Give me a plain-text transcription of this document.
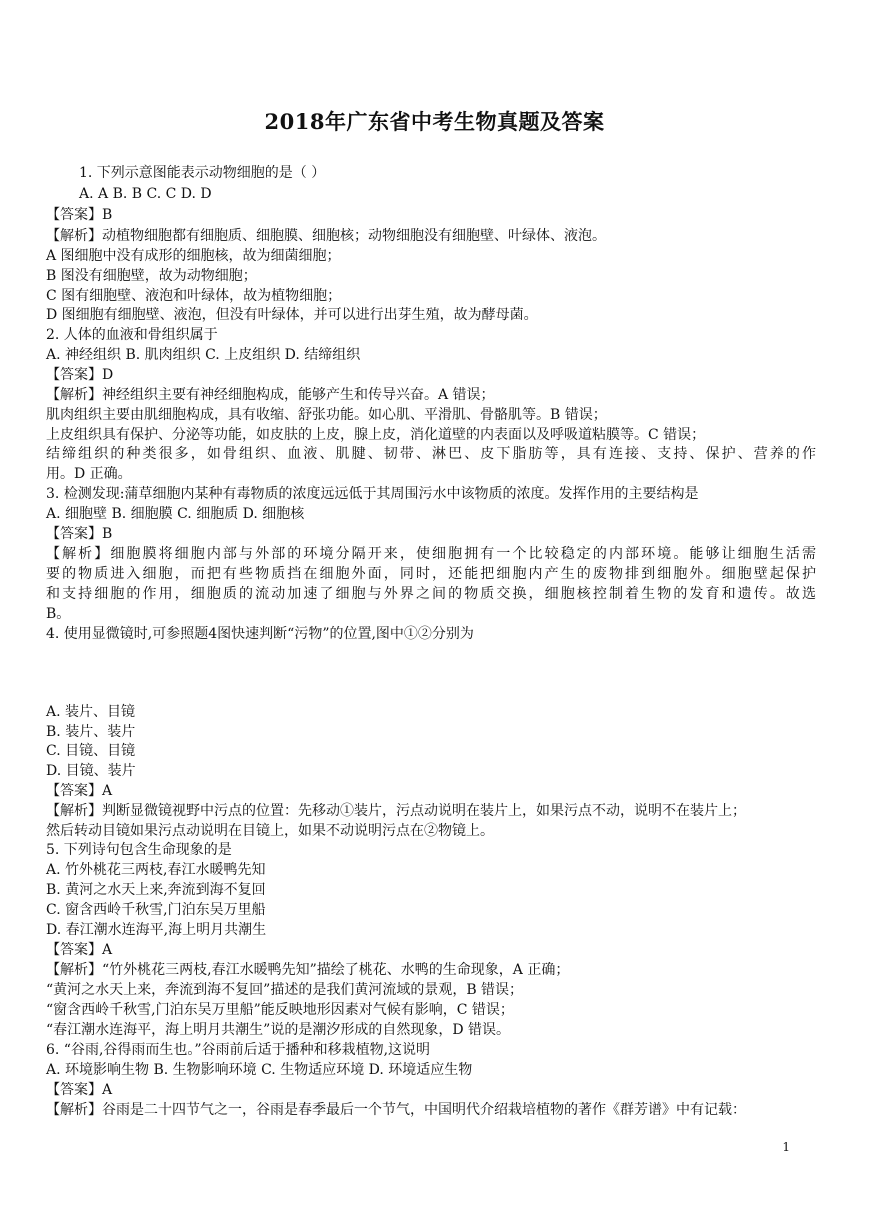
2018年广东省中考生物真题及答案
1. 下列示意图能表示动物细胞的是（ ）
A. A B. B C. C D. D
【答案】B
【解析】动植物细胞都有细胞质、细胞膜、细胞核；动物细胞没有细胞壁、叶绿体、液泡。
A 图细胞中没有成形的细胞核，故为细菌细胞；
B 图没有细胞壁，故为动物细胞；
C 图有细胞壁、液泡和叶绿体，故为植物细胞；
D 图细胞有细胞壁、液泡，但没有叶绿体，并可以进行出芽生殖，故为酵母菌。
2. 人体的血液和骨组织属于
A. 神经组织 B. 肌肉组织 C. 上皮组织 D. 结缔组织
【答案】D
【解析】神经组织主要有神经细胞构成，能够产生和传导兴奋。A 错误；
肌肉组织主要由肌细胞构成，具有收缩、舒张功能。如心肌、平滑肌、骨骼肌等。B 错误；
上皮组织具有保护、分泌等功能，如皮肤的上皮，腺上皮，消化道壁的内表面以及呼吸道粘膜等。C 错误；
结缔组织的种类很多，如骨组织、血液、肌腱、韧带、淋巴、皮下脂肪等，具有连接、支持、保护、营养的作
用。D 正确。
3. 检测发现:蒲草细胞内某种有毒物质的浓度远远低于其周围污水中该物质的浓度。发挥作用的主要结构是
A. 细胞壁 B. 细胞膜 C. 细胞质 D. 细胞核
【答案】B
【解析】细胞膜将细胞内部与外部的环境分隔开来，使细胞拥有一个比较稳定的内部环境。能够让细胞生活需
要的物质进入细胞，而把有些物质挡在细胞外面，同时，还能把细胞内产生的废物排到细胞外。细胞壁起保护
和支持细胞的作用，细胞质的流动加速了细胞与外界之间的物质交换，细胞核控制着生物的发育和遗传。故选
B。
4. 使用显微镜时,可参照题4图快速判断“污物”的位置,图中①②分别为
A. 装片、目镜
B. 装片、装片
C. 目镜、目镜
D. 目镜、装片
【答案】A
【解析】判断显微镜视野中污点的位置：先移动①装片，污点动说明在装片上，如果污点不动，说明不在装片上；
然后转动目镜如果污点动说明在目镜上，如果不动说明污点在②物镜上。
5. 下列诗句包含生命现象的是
A. 竹外桃花三两枝,春江水暖鸭先知
B. 黄河之水天上来,奔流到海不复回
C. 窗含西岭千秋雪,门泊东吴万里船
D. 春江潮水连海平,海上明月共潮生
【答案】A
【解析】“竹外桃花三两枝,春江水暖鸭先知”描绘了桃花、水鸭的生命现象，A 正确；
“黄河之水天上来，奔流到海不复回”描述的是我们黄河流域的景观，B 错误；
“窗含西岭千秋雪,门泊东吴万里船”能反映地形因素对气候有影响，C 错误；
“春江潮水连海平，海上明月共潮生”说的是潮汐形成的自然现象，D 错误。
6. “谷雨,谷得雨而生也。”谷雨前后适于播种和移栽植物,这说明
A. 环境影响生物 B. 生物影响环境 C. 生物适应环境 D. 环境适应生物
【答案】A
【解析】谷雨是二十四节气之一，谷雨是春季最后一个节气，中国明代介绍栽培植物的著作《群芳谱》中有记载：
1
